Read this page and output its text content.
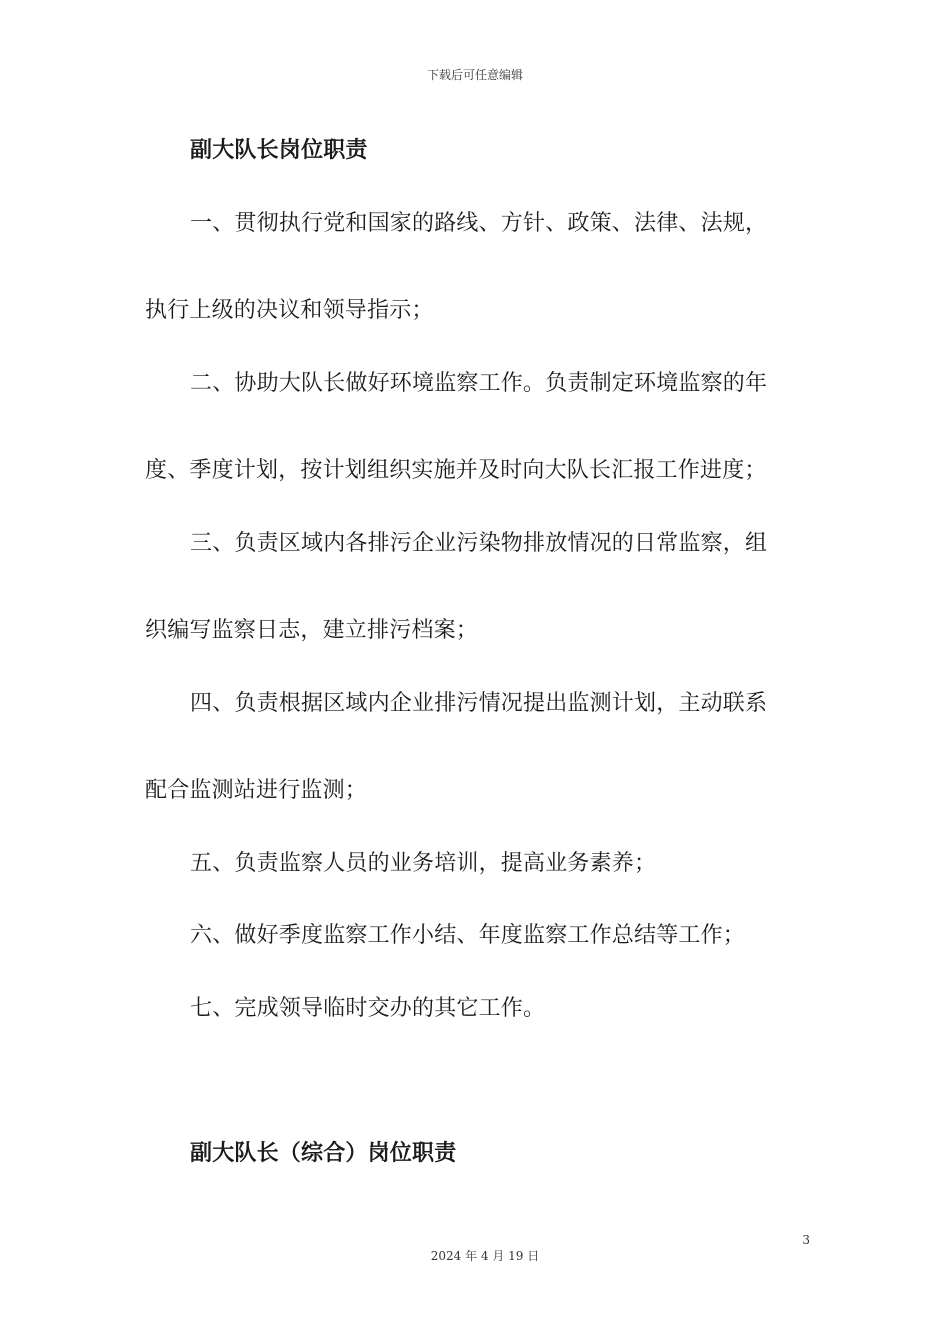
下载后可任意编辑
副大队长岗位职责
一、贯彻执行党和国家的路线、方针、政策、法律、法规，
执行上级的决议和领导指示；
二、协助大队长做好环境监察工作。负责制定环境监察的年
度、季度计划，按计划组织实施并及时向大队长汇报工作进度；
三、负责区域内各排污企业污染物排放情况的日常监察，组
织编写监察日志，建立排污档案；
四、负责根据区域内企业排污情况提出监测计划，主动联系
配合监测站进行监测；
五、负责监察人员的业务培训，提高业务素养；
六、做好季度监察工作小结、年度监察工作总结等工作；
七、完成领导临时交办的其它工作。
副大队长（综合）岗位职责
3
2024 年 4 月 19 日
